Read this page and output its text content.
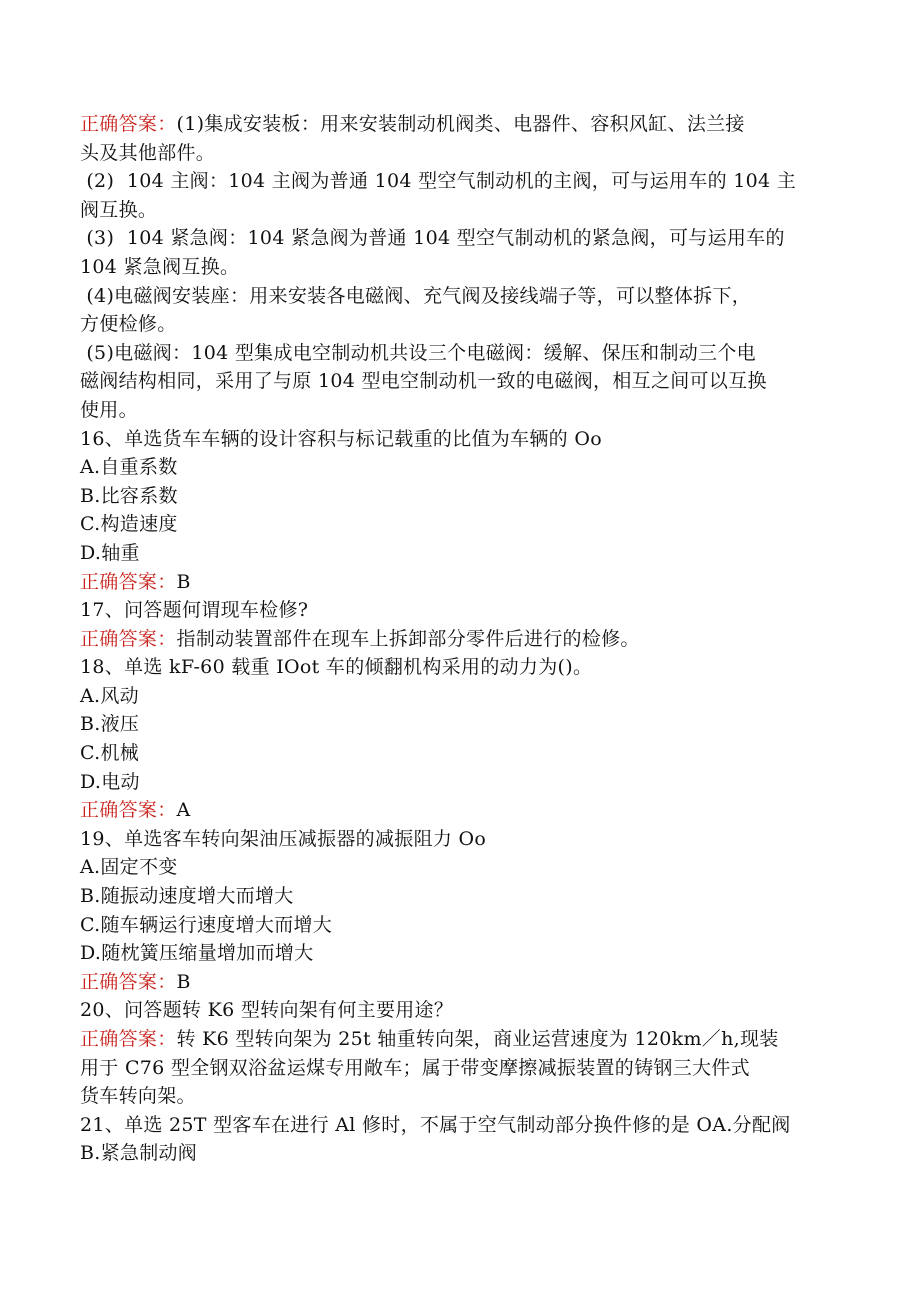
正确答案：(1)集成安装板：用来安装制动机阀类、电器件、容积风缸、法兰接
头及其他部件。
(2)  104 主阀：104 主阀为普通 104 型空气制动机的主阀，可与运用车的 104 主
阀互换。
(3)  104 紧急阀：104 紧急阀为普通 104 型空气制动机的紧急阀，可与运用车的
104 紧急阀互换。
(4)电磁阀安装座：用来安装各电磁阀、充气阀及接线端子等，可以整体拆下，
方便检修。
(5)电磁阀：104 型集成电空制动机共设三个电磁阀：缓解、保压和制动三个电
磁阀结构相同，采用了与原 104 型电空制动机一致的电磁阀，相互之间可以互换
使用。
16、单选货车车辆的设计容积与标记载重的比值为车辆的 Oo
A.自重系数
B.比容系数
C.构造速度
D.轴重
正确答案：B
17、问答题何谓现车检修?
正确答案：指制动装置部件在现车上拆卸部分零件后进行的检修。
18、单选 kF-60 载重 IOot 车的倾翻机构采用的动力为()。
A.风动
B.液压
C.机械
D.电动
正确答案：A
19、单选客车转向架油压减振器的减振阻力 Oo
A.固定不变
B.随振动速度增大而增大
C.随车辆运行速度增大而增大
D.随枕簧压缩量增加而增大
正确答案：B
20、问答题转 K6 型转向架有何主要用途？
正确答案：转 K6 型转向架为 25t 轴重转向架，商业运营速度为 120km／h,现装
用于 C76 型全钢双浴盆运煤专用敞车；属于带变摩擦减振装置的铸钢三大件式
货车转向架。
21、单选 25T 型客车在进行 Al 修时，不属于空气制动部分换件修的是 OA.分配阀
B.紧急制动阀
